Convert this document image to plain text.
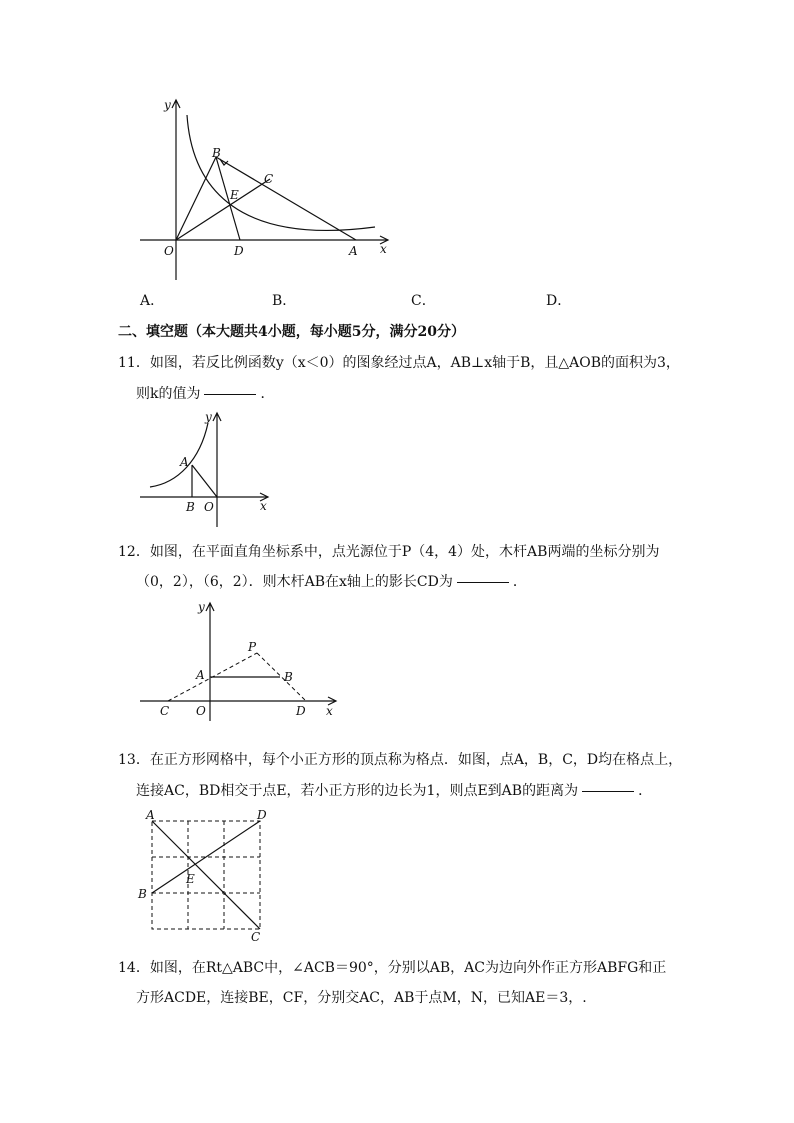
y
x
O
B
C
E
D	A
A．	B．	C．	D．
二、填空题（本大题共4小题，每小题5分，满分20分）
11．如图，若反比例函数y（x＜0）的图象经过点A，AB⊥x轴于B，且△AOB的面积为3，
则k的值为	．
y
x
A
B O
12．如图，在平面直角坐标系中，点光源位于P（4，4）处，木杆AB两端的坐标分别为
（0，2），（6，2）．则木杆AB在x轴上的影长CD为	．
y
x
P
A	B
C O	D
13．在正方形网格中，每个小正方形的顶点称为格点．如图，点A，B，C，D均在格点上，
连接AC，BD相交于点E，若小正方形的边长为1，则点E到AB的距离为	．
A	D
B
E
C
14．如图，在Rt△ABC中，∠ACB＝90°，分别以AB，AC为边向外作正方形ABFG和正
方形ACDE，连接BE，CF，分别交AC，AB于点M，N，已知AE＝3，.
